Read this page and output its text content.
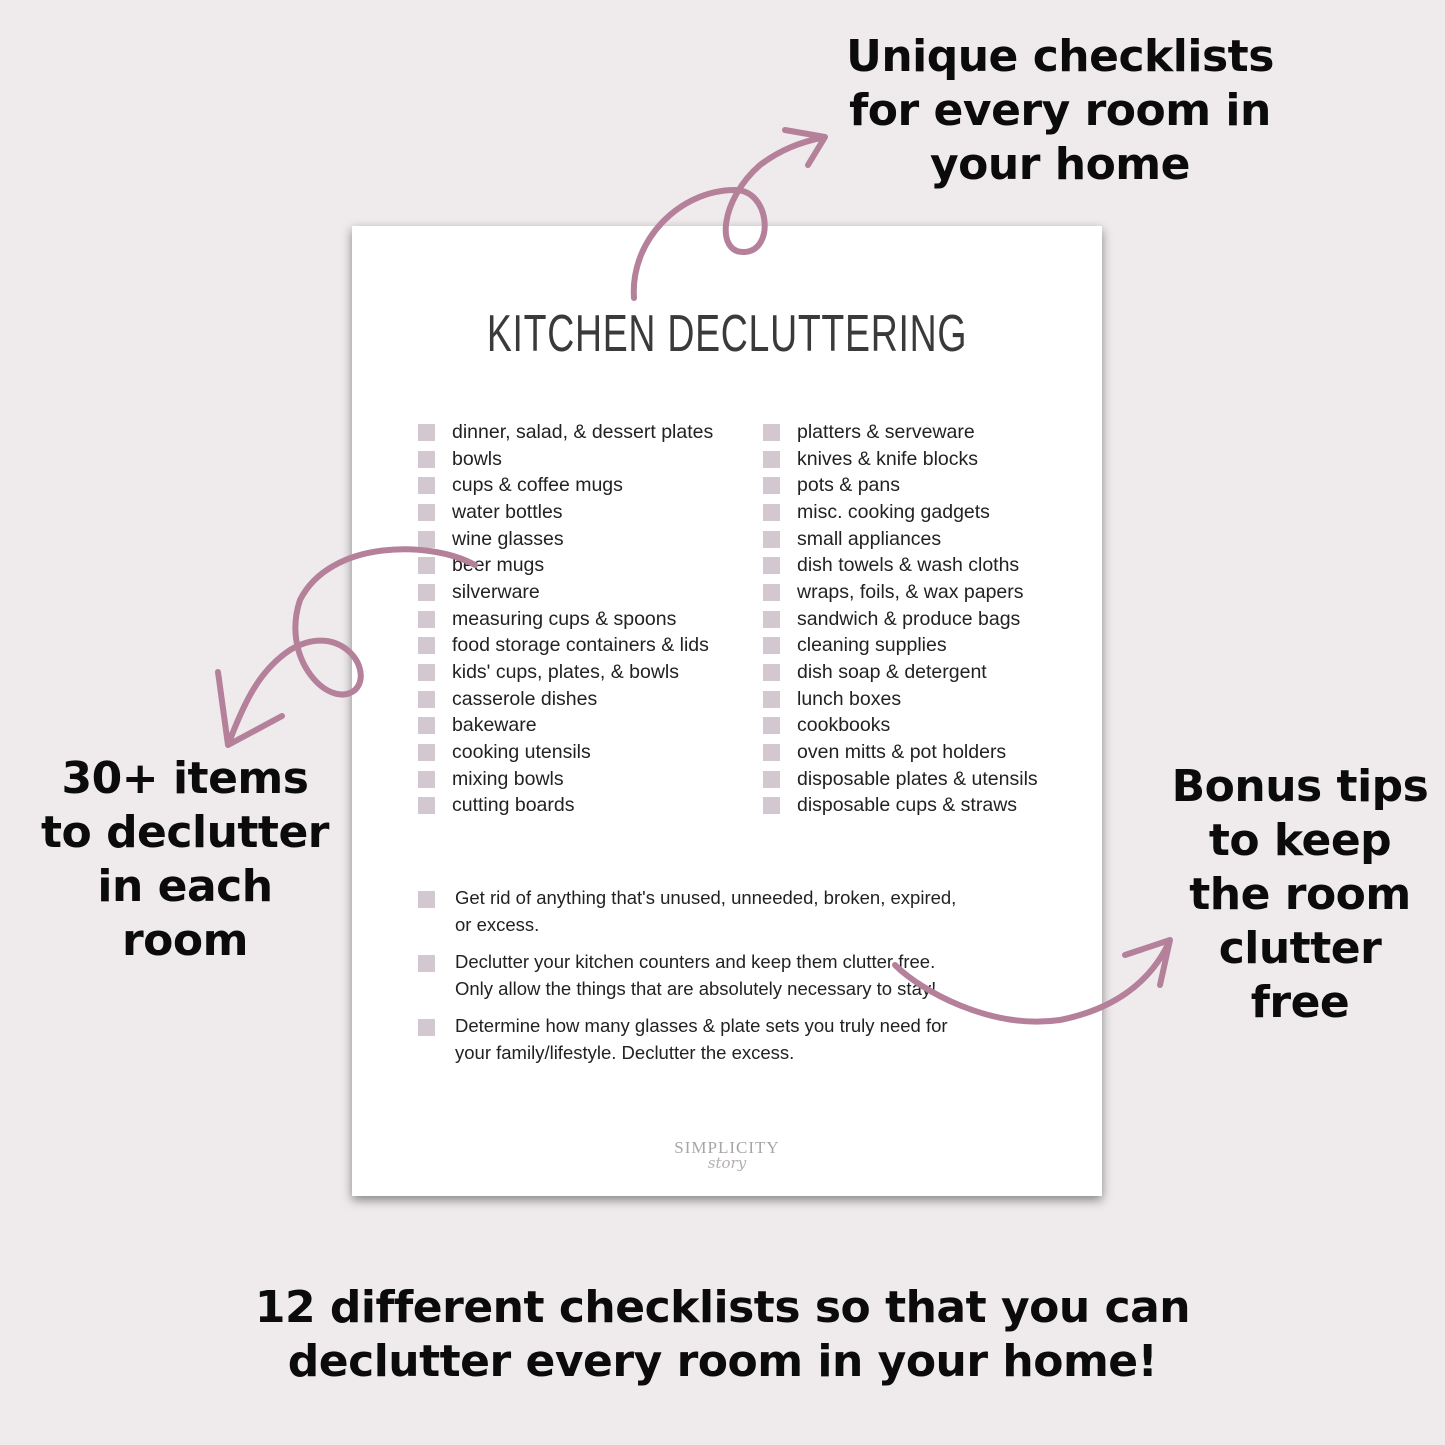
KITCHEN DECLUTTERING
dinner, salad, & dessert plates
bowls
cups & coffee mugs
water bottles
wine glasses
beer mugs
silverware
measuring cups & spoons
food storage containers & lids
kids' cups, plates, & bowls
casserole dishes
bakeware
cooking utensils
mixing bowls
cutting boards
platters & serveware
knives & knife blocks
pots & pans
misc. cooking gadgets
small appliances
dish towels & wash cloths
wraps, foils, & wax papers
sandwich & produce bags
cleaning supplies
dish soap & detergent
lunch boxes
cookbooks
oven mitts & pot holders
disposable plates & utensils
disposable cups & straws
Get rid of anything that's unused, unneeded, broken, expired,
or excess.
Declutter your kitchen counters and keep them clutter free.
Only allow the things that are absolutely necessary to stay!
Determine how many glasses & plate sets you truly need for
your family/lifestyle. Declutter the excess.
SIMPLICITY
story
Unique checklists
for every room in
your home
30+ items
to declutter
in each
room
Bonus tips
to keep
the room
clutter
free
12 different checklists so that you can
declutter every room in your home!
